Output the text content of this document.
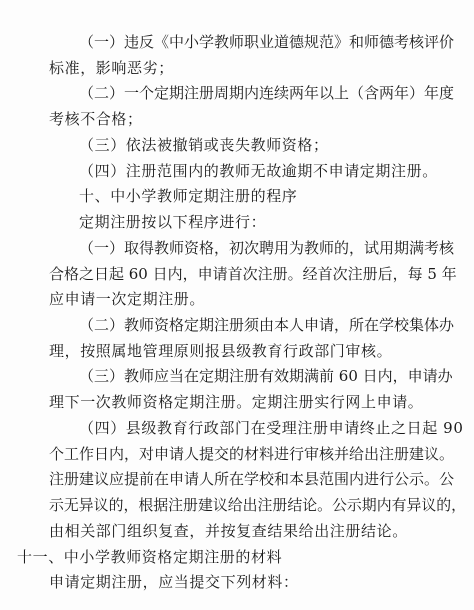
（一）违反《中小学教师职业道德规范》和师德考核评价
标准，影响恶劣；
（二）一个定期注册周期内连续两年以上（含两年）年度
考核不合格；
（三）依法被撤销或丧失教师资格；
（四）注册范围内的教师无故逾期不申请定期注册。
十、中小学教师定期注册的程序
定期注册按以下程序进行：
（一）取得教师资格，初次聘用为教师的，试用期满考核
合格之日起 60 日内，申请首次注册。经首次注册后，每 5 年
应申请一次定期注册。
（二）教师资格定期注册须由本人申请，所在学校集体办
理，按照属地管理原则报县级教育行政部门审核。
（三）教师应当在定期注册有效期满前 60 日内，申请办
理下一次教师资格定期注册。定期注册实行网上申请。
（四）县级教育行政部门在受理注册申请终止之日起 90
个工作日内，对申请人提交的材料进行审核并给出注册建议。
注册建议应提前在申请人所在学校和本县范围内进行公示。公
示无异议的，根据注册建议给出注册结论。公示期内有异议的，
由相关部门组织复查，并按复查结果给出注册结论。
十一、中小学教师资格定期注册的材料
申请定期注册，应当提交下列材料：
